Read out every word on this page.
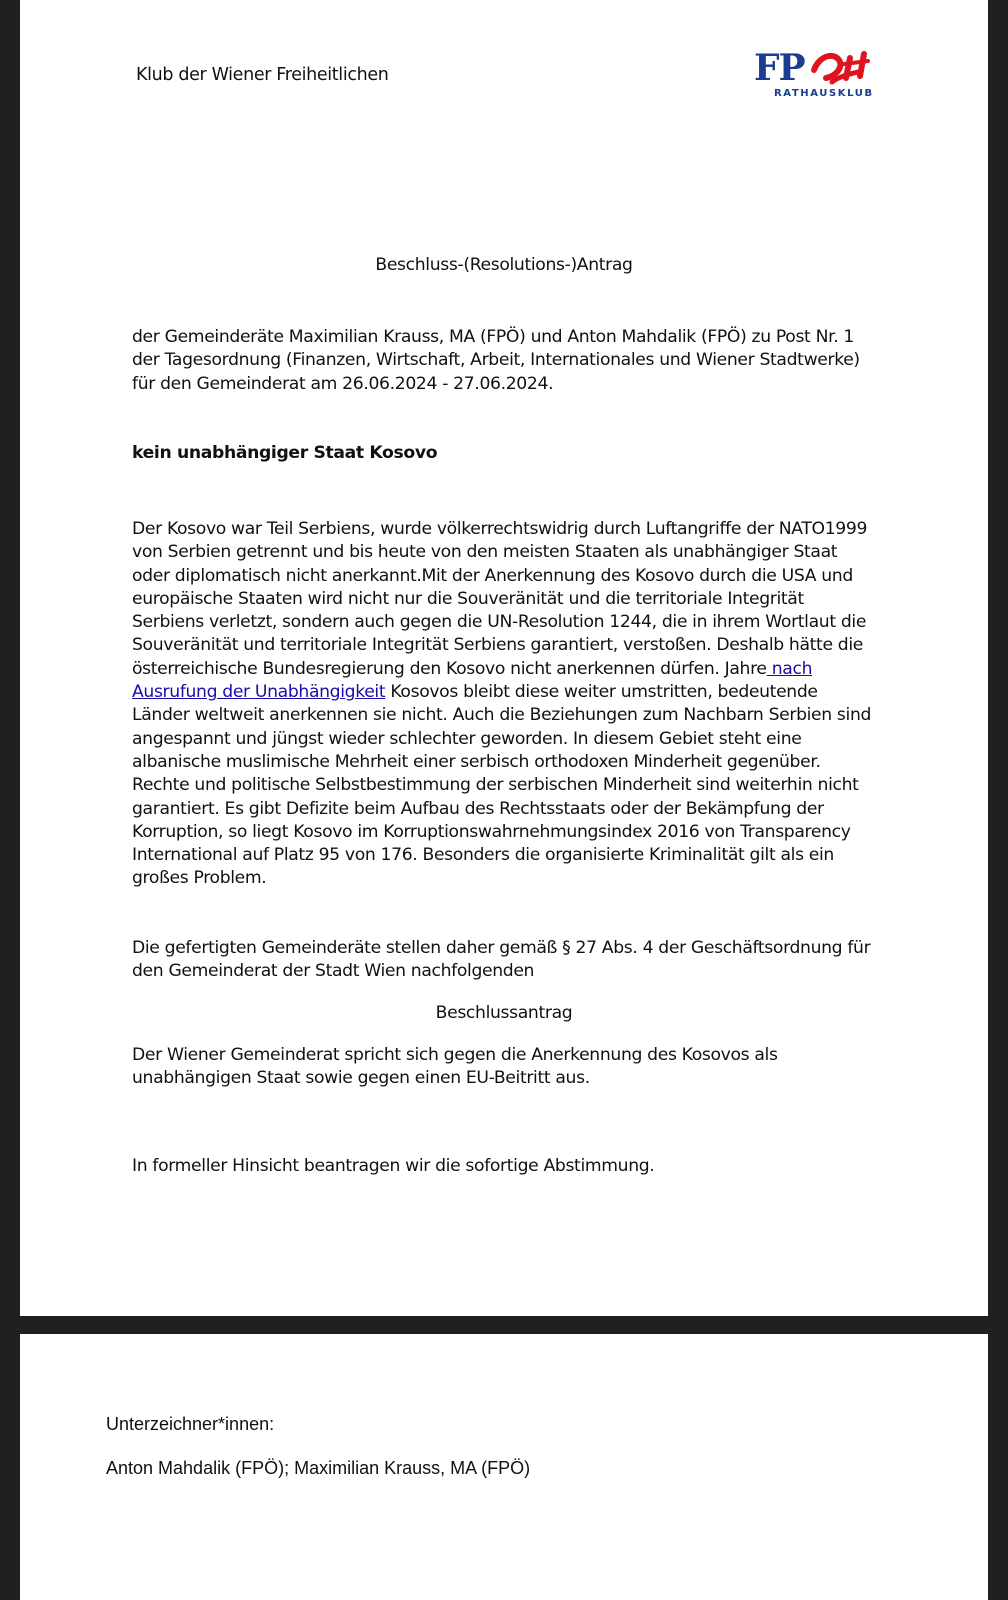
Klub der Wiener Freiheitlichen	FP
RATHAUSKLUB
Beschluss-(Resolutions-)Antrag

der Gemeinderäte Maximilian Krauss, MA (FPÖ) und Anton Mahdalik (FPÖ) zu Post Nr. 1 der Tagesordnung (Finanzen, Wirtschaft, Arbeit, Internationales und Wiener Stadtwerke) für den Gemeinderat am 26.06.2024 - 27.06.2024.

kein unabhängiger Staat Kosovo

Der Kosovo war Teil Serbiens, wurde völkerrechtswidrig durch Luftangriffe der NATO1999 von Serbien getrennt und bis heute von den meisten Staaten als unabhängiger Staat oder diplomatisch nicht anerkannt.Mit der Anerkennung des Kosovo durch die USA und europäische Staaten wird nicht nur die Souveränität und die territoriale Integrität Serbiens verletzt, sondern auch gegen die UN-Resolution 1244, die in ihrem Wortlaut die Souveränität und territoriale Integrität Serbiens garantiert, verstoßen. Deshalb hätte die österreichische Bundesregierung den Kosovo nicht anerkennen dürfen. Jahre nach Ausrufung der Unabhängigkeit Kosovos bleibt diese weiter umstritten, bedeutende Länder weltweit anerkennen sie nicht. Auch die Beziehungen zum Nachbarn Serbien sind angespannt und jüngst wieder schlechter geworden. In diesem Gebiet steht eine albanische muslimische Mehrheit einer serbisch orthodoxen Minderheit gegenüber. Rechte und politische Selbstbestimmung der serbischen Minderheit sind weiterhin nicht garantiert. Es gibt Defizite beim Aufbau des Rechtsstaats oder der Bekämpfung der Korruption, so liegt Kosovo im Korruptionswahrnehmungsindex 2016 von Transparency International auf Platz 95 von 176. Besonders die organisierte Kriminalität gilt als ein großes Problem.

Die gefertigten Gemeinderäte stellen daher gemäß § 27 Abs. 4 der Geschäftsordnung für den Gemeinderat der Stadt Wien nachfolgenden

Beschlussantrag

Der Wiener Gemeinderat spricht sich gegen die Anerkennung des Kosovos als unabhängigen Staat sowie gegen einen EU-Beitritt aus.

In formeller Hinsicht beantragen wir die sofortige Abstimmung.

Unterzeichner*innen:
Anton Mahdalik (FPÖ); Maximilian Krauss, MA (FPÖ)
